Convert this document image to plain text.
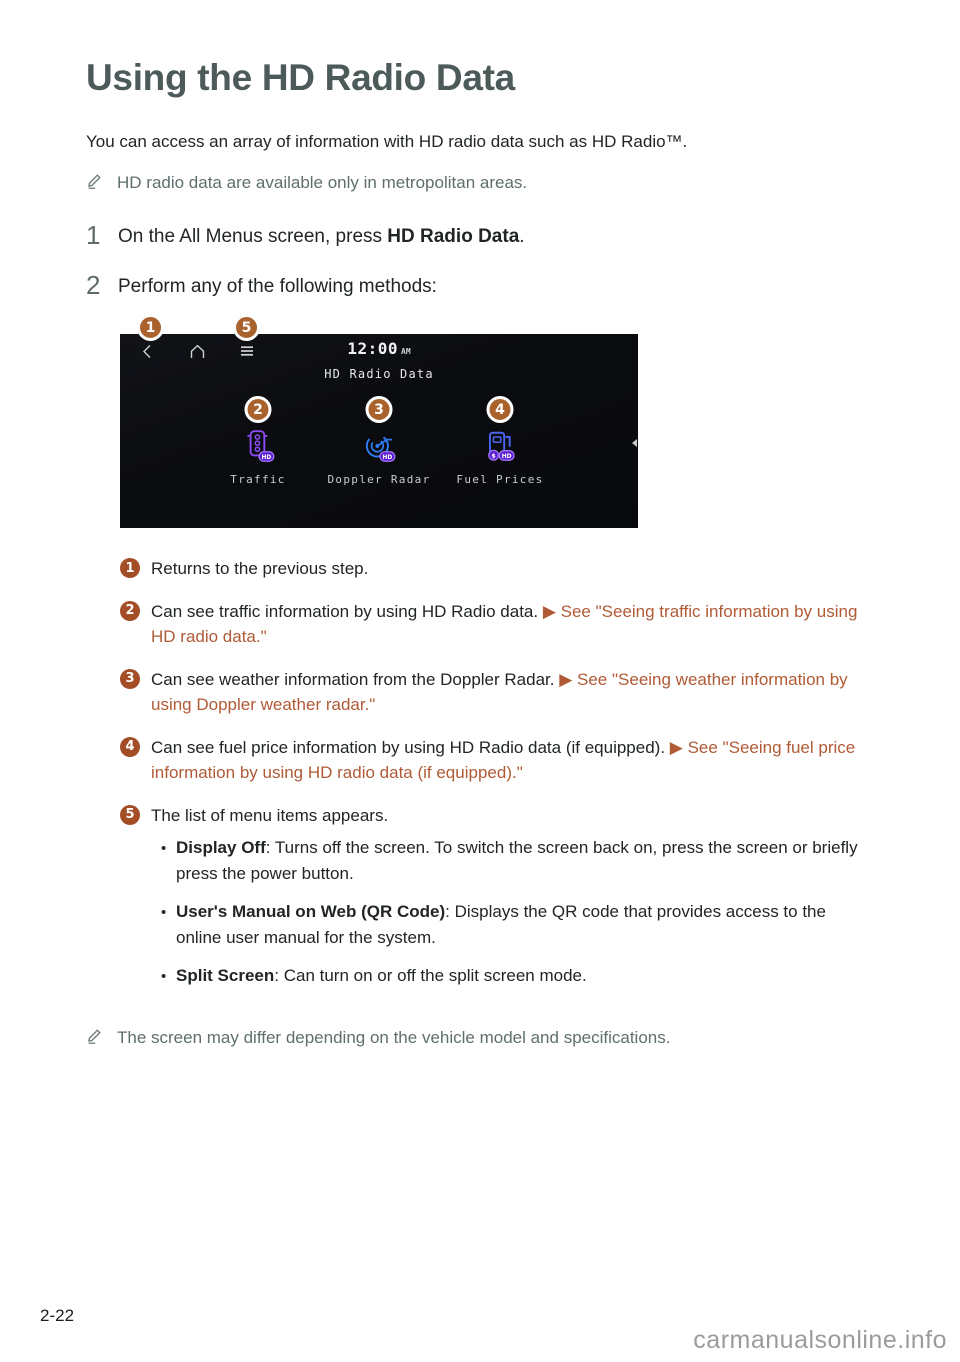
Using the HD Radio Data

You can access an array of information with HD radio data such as HD Radio™.

HD radio data are available only in metropolitan areas.
1 On the All Menus screen, press HD Radio Data.

2 Perform any of the following methods:

1	5
12:00 AM
HD Radio Data
2
HD
Traffic
3
HD
Doppler Radar
4
$ HD
Fuel Prices
1 Returns to the previous step.

2 Can see traffic information by using HD Radio data. ▶ See "Seeing traffic information by using HD radio data."

3 Can see weather information from the Doppler Radar. ▶ See "Seeing weather information by using Doppler weather radar."

4 Can see fuel price information by using HD Radio data (if equipped). ▶ See "Seeing fuel price information by using HD radio data (if equipped)."

5 The list of menu items appears.
•

Display Off: Turns off the screen. To switch the screen back on, press the screen or briefly press the power button.

•

User's Manual on Web (QR Code): Displays the QR code that provides access to the online user manual for the system.

•

Split Screen: Can turn on or off the split screen mode.

The screen may differ depending on the vehicle model and specifications.
2-22
carmanualsonline.info
